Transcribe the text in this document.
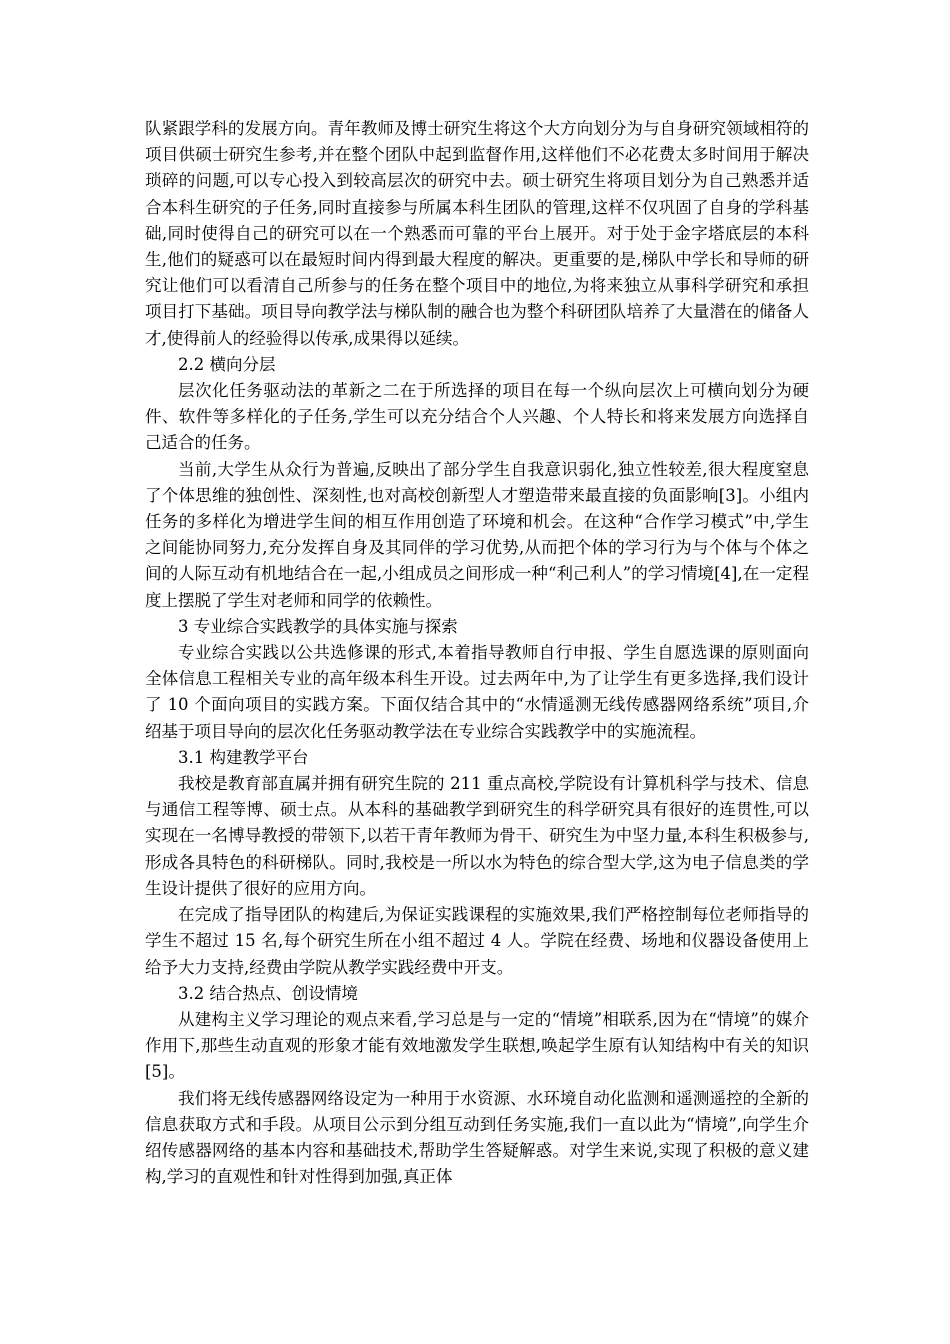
队紧跟学科的发展方向。青年教师及博士研究生将这个大方向划分为与自身研究领域相符的项目供硕士研究生参考,并在整个团队中起到监督作用,这样他们不必花费太多时间用于解决琐碎的问题,可以专心投入到较高层次的研究中去。硕士研究生将项目划分为自己熟悉并适合本科生研究的子任务,同时直接参与所属本科生团队的管理,这样不仅巩固了自身的学科基础,同时使得自己的研究可以在一个熟悉而可靠的平台上展开。对于处于金字塔底层的本科生,他们的疑惑可以在最短时间内得到最大程度的解决。更重要的是,梯队中学长和导师的研究让他们可以看清自己所参与的任务在整个项目中的地位,为将来独立从事科学研究和承担项目打下基础。项目导向教学法与梯队制的融合也为整个科研团队培养了大量潜在的储备人才,使得前人的经验得以传承,成果得以延续。

2.2 横向分层

层次化任务驱动法的革新之二在于所选择的项目在每一个纵向层次上可横向划分为硬件、软件等多样化的子任务,学生可以充分结合个人兴趣、个人特长和将来发展方向选择自己适合的任务。

当前,大学生从众行为普遍,反映出了部分学生自我意识弱化,独立性较差,很大程度窒息了个体思维的独创性、深刻性,也对高校创新型人才塑造带来最直接的负面影响[3]。小组内任务的多样化为增进学生间的相互作用创造了环境和机会。在这种“合作学习模式”中,学生之间能协同努力,充分发挥自身及其同伴的学习优势,从而把个体的学习行为与个体与个体之间的人际互动有机地结合在一起,小组成员之间形成一种“利己利人”的学习情境[4],在一定程度上摆脱了学生对老师和同学的依赖性。

3 专业综合实践教学的具体实施与探索

专业综合实践以公共选修课的形式,本着指导教师自行申报、学生自愿选课的原则面向全体信息工程相关专业的高年级本科生开设。过去两年中,为了让学生有更多选择,我们设计了 10 个面向项目的实践方案。下面仅结合其中的“水情遥测无线传感器网络系统”项目,介绍基于项目导向的层次化任务驱动教学法在专业综合实践教学中的实施流程。

3.1 构建教学平台

我校是教育部直属并拥有研究生院的 211 重点高校,学院设有计算机科学与技术、信息与通信工程等博、硕士点。从本科的基础教学到研究生的科学研究具有很好的连贯性,可以实现在一名博导教授的带领下,以若干青年教师为骨干、研究生为中坚力量,本科生积极参与,形成各具特色的科研梯队。同时,我校是一所以水为特色的综合型大学,这为电子信息类的学生设计提供了很好的应用方向。

在完成了指导团队的构建后,为保证实践课程的实施效果,我们严格控制每位老师指导的学生不超过 15 名,每个研究生所在小组不超过 4 人。学院在经费、场地和仪器设备使用上给予大力支持,经费由学院从教学实践经费中开支。

3.2 结合热点、创设情境

从建构主义学习理论的观点来看,学习总是与一定的“情境”相联系,因为在“情境”的媒介作用下,那些生动直观的形象才能有效地激发学生联想,唤起学生原有认知结构中有关的知识[5]。

我们将无线传感器网络设定为一种用于水资源、水环境自动化监测和遥测遥控的全新的信息获取方式和手段。从项目公示到分组互动到任务实施,我们一直以此为“情境”,向学生介绍传感器网络的基本内容和基础技术,帮助学生答疑解惑。对学生来说,实现了积极的意义建构,学习的直观性和针对性得到加强,真正体
